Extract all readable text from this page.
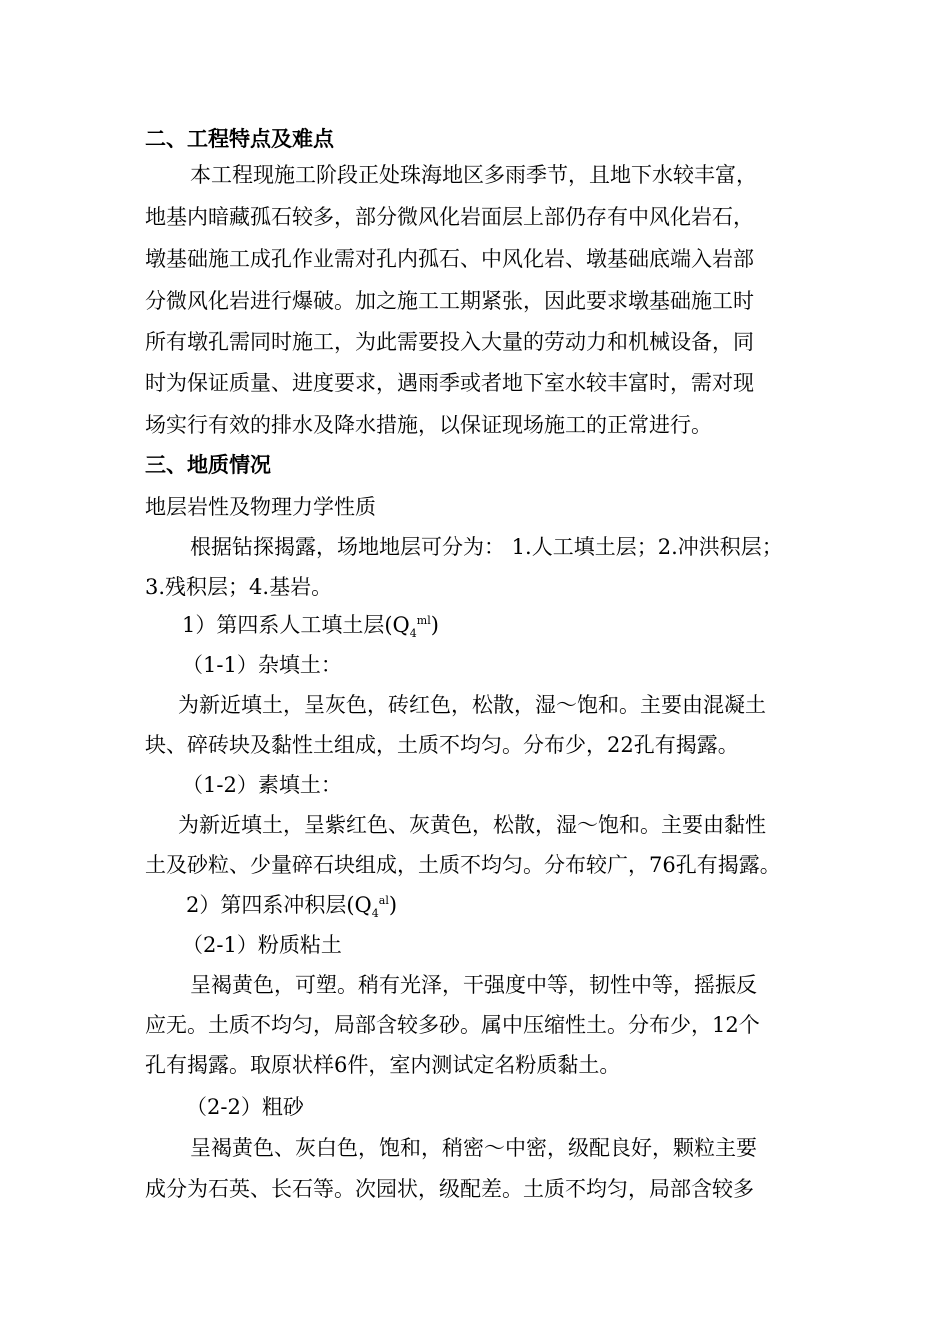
二、工程特点及难点
本工程现施工阶段正处珠海地区多雨季节，且地下水较丰富，
地基内暗藏孤石较多，部分微风化岩面层上部仍存有中风化岩石，
墩基础施工成孔作业需对孔内孤石、中风化岩、墩基础底端入岩部
分微风化岩进行爆破。加之施工工期紧张，因此要求墩基础施工时
所有墩孔需同时施工，为此需要投入大量的劳动力和机械设备，同
时为保证质量、进度要求，遇雨季或者地下室水较丰富时，需对现
场实行有效的排水及降水措施，以保证现场施工的正常进行。
三、地质情况
地层岩性及物理力学性质
根据钻探揭露，场地地层可分为： 1.人工填土层；2.冲洪积层；
3.残积层；4.基岩。
1）第四系人工填土层$(Q_4^{ml})$
（1-1）杂填土：
为新近填土，呈灰色，砖红色，松散，湿～饱和。主要由混凝土
块、碎砖块及黏性土组成，土质不均匀。分布少，22孔有揭露。
（1-2）素填土：
为新近填土，呈紫红色、灰黄色，松散，湿～饱和。主要由黏性
土及砂粒、少量碎石块组成，土质不均匀。分布较广，76孔有揭露。
2）第四系冲积层$(Q_4^{al})$
（2-1）粉质粘土
呈褐黄色，可塑。稍有光泽，干强度中等，韧性中等，摇振反
应无。土质不均匀，局部含较多砂。属中压缩性土。分布少，12个
孔有揭露。取原状样6件，室内测试定名粉质黏土。
（2-2）粗砂
呈褐黄色、灰白色，饱和，稍密～中密，级配良好，颗粒主要
成分为石英、长石等。次园状，级配差。土质不均匀，局部含较多
